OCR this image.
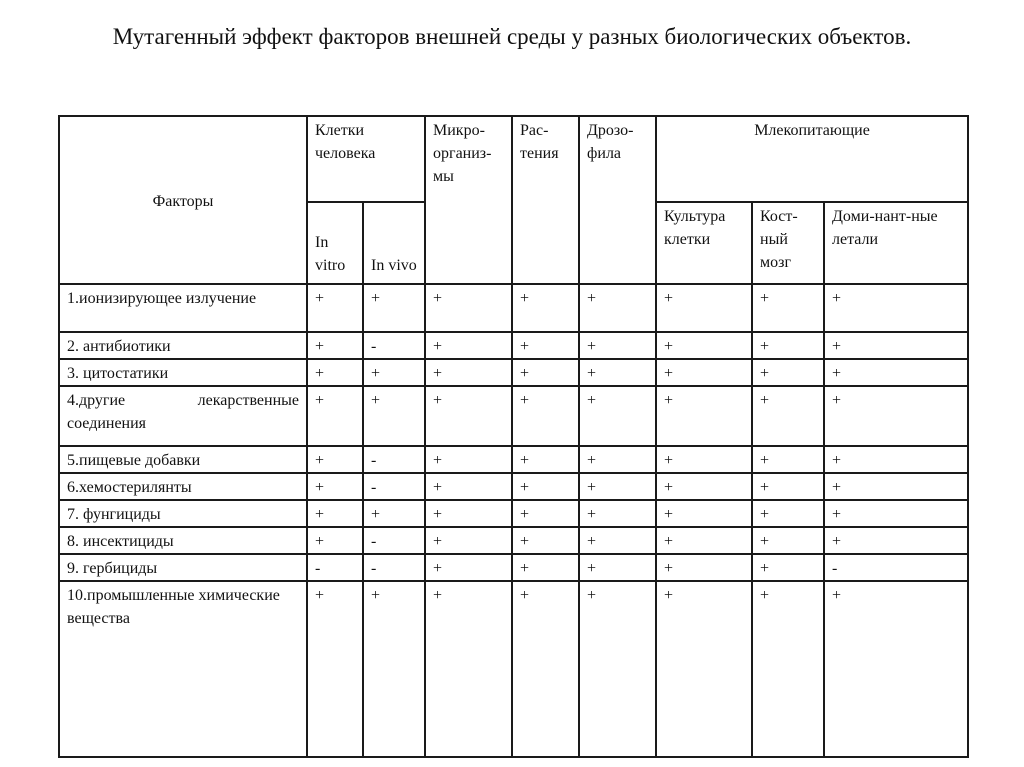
Мутагенный эффект факторов внешней среды у разных биологических объектов.
Факторы	Клетки человека		Микро-организ-мы	Рас-тения	Дрозо-фила	Млекопитающие		

	In vitro	In vivo				Культура клетки	Кост-ный мозг	Доми-нант-ные летали
1.ионизирующее излучение	+	+	+	+	+	+	+	+
2. антибиотики	+	-	+	+	+	+	+	+
3. цитостатики	+	+	+	+	+	+	+	+
4.другие лекарственные соединения	+	+	+	+	+	+	+	+
5.пищевые добавки	+	-	+	+	+	+	+	+
6.хемостерилянты	+	-	+	+	+	+	+	+
7. фунгициды	+	+	+	+	+	+	+	+
8. инсектициды	+	-	+	+	+	+	+	+
9. гербициды	-	-	+	+	+	+	+	-
10.промышленные химические вещества	+	+	+	+	+	+	+	+
